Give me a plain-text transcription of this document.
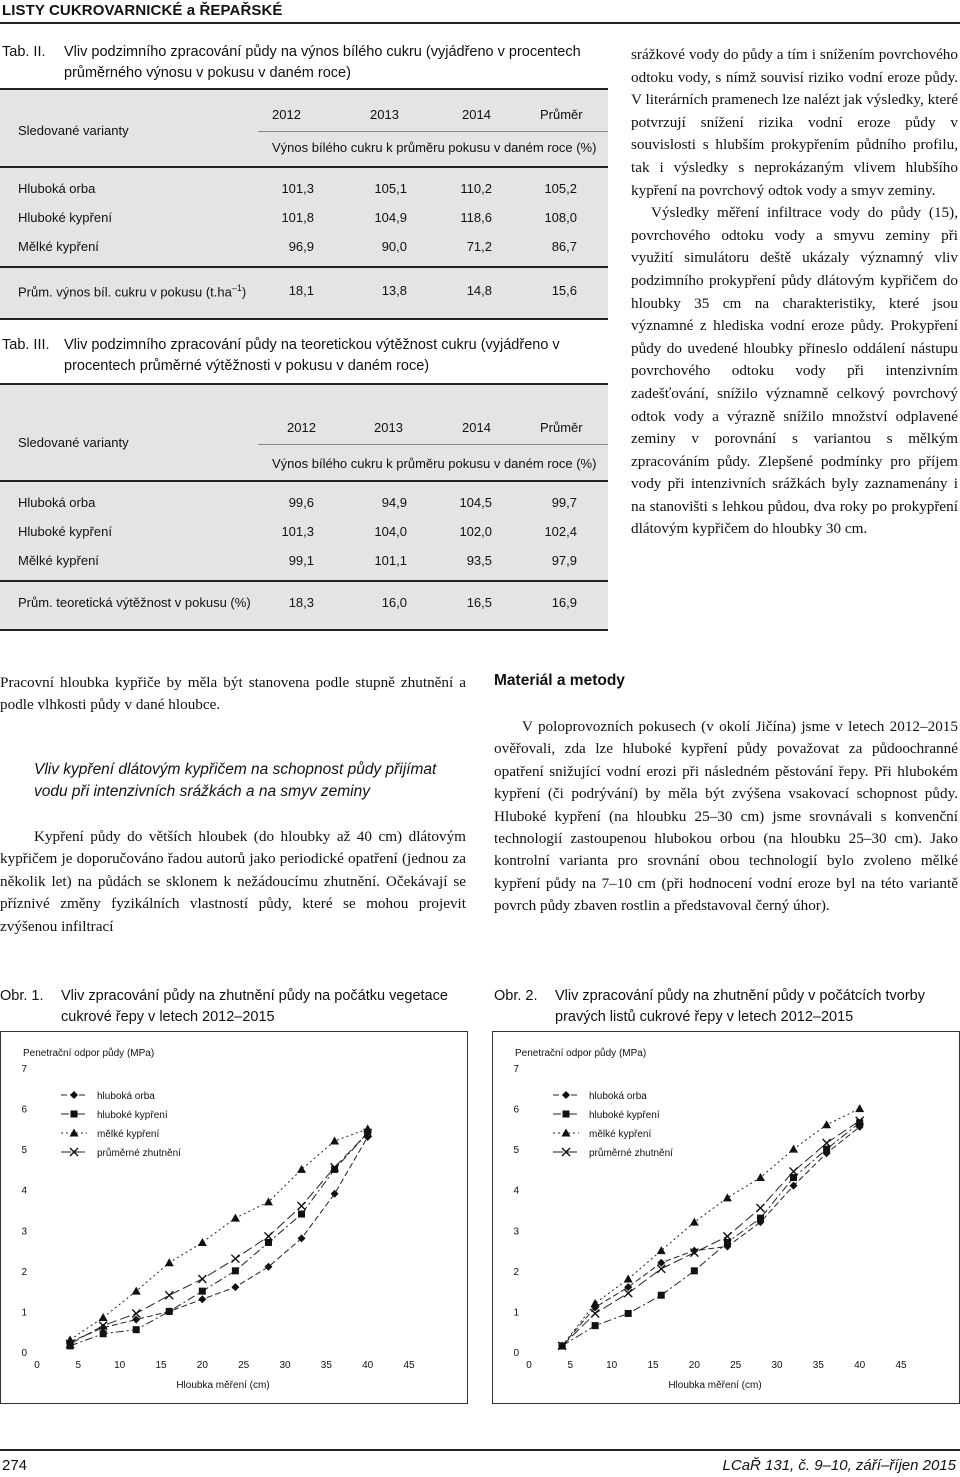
LISTY CUKROVARNICKÉ a ŘEPAŘSKÉ
Tab. II.	Vliv podzimního zpracování půdy na výnos bílého cukru (vyjádřeno v procentech průměrného výnosu v pokusu v daném roce)
Sledované varianty
2012	2013	2014	Průměr
Výnos bílého cukru k průměru pokusu v daném roce (%)
Hluboká orba	101,3	105,1	110,2	105,2
Hluboké kypření	101,8	104,9	118,6	108,0
Mělké kypření	96,9	90,0	71,2	86,7
Prům. výnos bíl. cukru v pokusu $(t.ha^{-1})$	18,1	13,8	14,8	15,6
Tab. III. Vliv podzimního zpracování půdy na teoretickou výtěžnost cukru (vyjádřeno v procentech průměrné výtěžnosti v pokusu v daném roce)
Sledované varianty
2012	2013	2014	Průměr
Výnos bílého cukru k průměru pokusu v daném roce (%)
Hluboká orba	99,6	94,9	104,5	99,7
Hluboké kypření	101,3	104,0	102,0	102,4
Mělké kypření	99,1	101,1	93,5	97,9
Prům. teoretická výtěžnost v pokusu (%)	18,3	16,0	16,5	16,9

srážkové vody do půdy a tím i snížením povrchového odtoku vody, s nímž souvisí riziko vodní eroze půdy. V literárních pramenech lze nalézt jak výsledky, které potvrzují snížení rizika vodní eroze půdy v souvislosti s hlubším prokypřením půdního profilu, tak i výsledky s neprokázaným vlivem hlubšího kypření na povrchový odtok vody a smyv zeminy.

Výsledky měření infiltrace vody do půdy (15), povrchového odtoku vody a smyvu zeminy při využití simulátoru deště ukázaly významný vliv podzimního prokypření půdy dlátovým kypřičem do hloubky 35 cm na charakteristiky, které jsou významné z hlediska vodní eroze půdy. Prokypření půdy do uvedené hloubky přineslo oddálení nástupu povrchového odtoku vody při intenzivním zadešťování, snížilo významně celkový povrchový odtok vody a výrazně snížilo množství odplavené zeminy v porovnání s variantou s mělkým zpracováním půdy. Zlepšené podmínky pro příjem vody při intenzivních srážkách byly zaznamenány i na stanovišti s lehkou půdou, dva roky po prokypření dlátovým kypřičem do hloubky 30 cm.

Pracovní hloubka kypřiče by měla být stanovena podle stupně zhutnění a podle vlhkosti půdy v dané hloubce.
Vliv kypření dlátovým kypřičem na schopnost půdy přijímat vodu při intenzivních srážkách a na smyv zeminy

Kypření půdy do větších hloubek (do hloubky až 40 cm) dlátovým kypřičem je doporučováno řadou autorů jako periodické opatření (jednou za několik let) na půdách se sklonem k nežádoucímu zhutnění. Očekávají se příznivé změny fyzikálních vlastností půdy, které se mohou projevit zvýšenou infiltrací

Materiál a metody

V poloprovozních pokusech (v okolí Jičína) jsme v letech 2012–2015 ověřovali, zda lze hluboké kypření půdy považovat za půdoochranné opatření snižující vodní erozi při následném pěstování řepy. Při hlubokém kypření (či podrývání) by měla být zvýšena vsakovací schopnost půdy. Hluboké kypření (na hloubku 25–30 cm) jsme srovnávali s konvenční technologií zastoupenou hlubokou orbou (na hloubku 25–30 cm). Jako kontrolní varianta pro srovnání obou technologií bylo zvoleno mělké kypření půdy na 7–10 cm (při hodnocení vodní eroze byl na této variantě povrch půdy zbaven rostlin a představoval černý úhor).

Obr. 1.	Vliv zpracování půdy na zhutnění půdy na počátku vegetace cukrové řepy v letech 2012–2015
Obr. 2.	Vliv zpracování půdy na zhutnění půdy v počátcích tvorby pravých listů cukrové řepy v letech 2012–2015
Penetrační odpor půdy (MPa)
0
1
2
3
4
5
6
7
0	5	10	15	20	25	30	35	40	45
Hloubka měření (cm)
hluboká orba
hluboké kypření
mělké kypření
průměrné zhutnění
Penetrační odpor půdy (MPa)
0
1
2
3
4
5
6
7
0	5	10	15	20	25	30	35	40	45
Hloubka měření (cm)
hluboká orba
hluboké kypření
mělké kypření
průměrné zhutnění
274	LCaŘ 131, č. 9–10, září–říjen 2015
